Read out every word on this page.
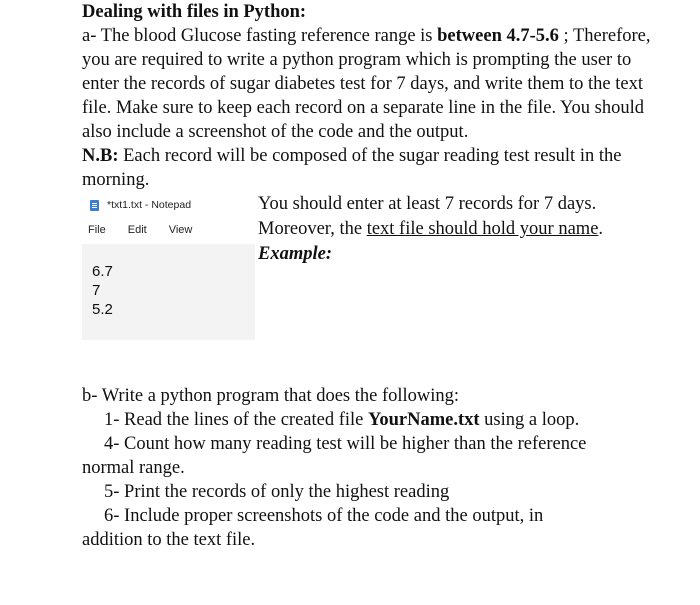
Dealing with files in Python:

a- The blood Glucose fasting reference range is between 4.7-5.6 ; Therefore, you are required to write a python program which is prompting the user to enter the records of sugar diabetes test for 7 days, and write them to the text file. Make sure to keep each record on a separate line in the file. You should also include a screenshot of the code and the output.

N.B: Each record will be composed of the sugar reading test result in the morning.

*txt1.txt - Notepad
File Edit View
6.7
7
5.2
You should enter at least 7 records for 7 days.
Moreover, the text file should hold your name.
Example:

b- Write a python program that does the following:

1- Read the lines of the created file YourName.txt using a loop.

4- Count how many reading test will be higher than the reference

normal range.

5- Print the records of only the highest reading

6- Include proper screenshots of the code and the output, in

addition to the text file.
